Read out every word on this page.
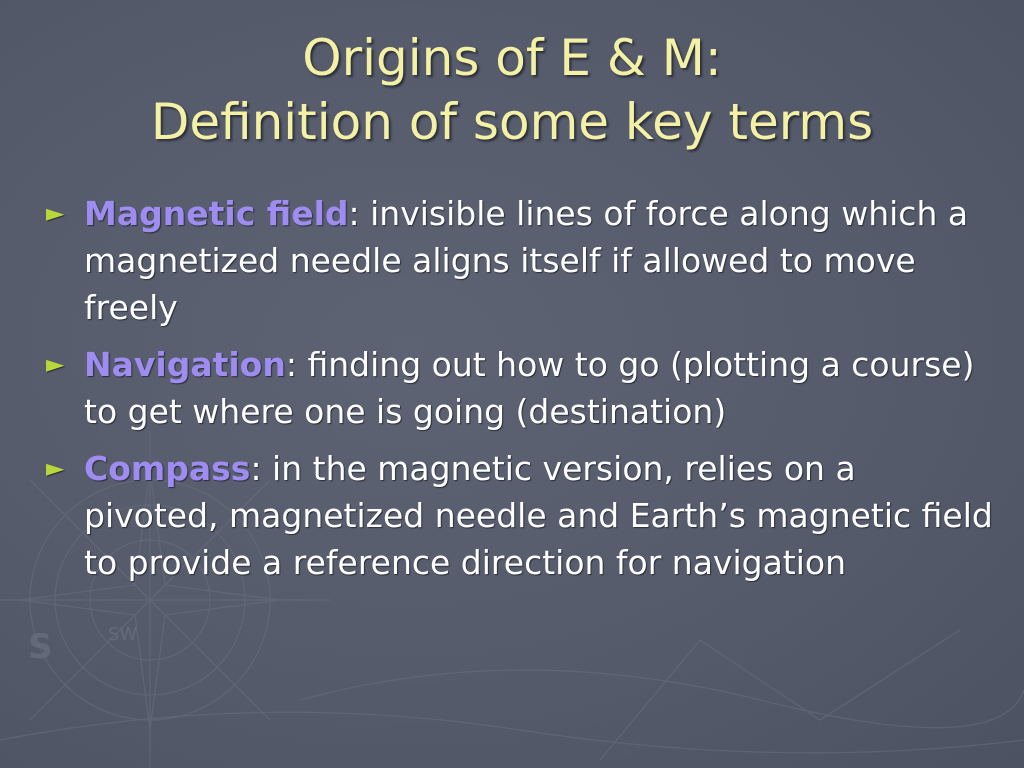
S	SW
Origins of E & M:
Definition of some key terms
► Magnetic field: invisible lines of force along which a magnetized needle aligns itself if allowed to move freely
► Navigation: finding out how to go (plotting a course) to get where one is going (destination)
► Compass: in the magnetic version, relies on a pivoted, magnetized needle and Earth’s magnetic field to provide a reference direction for navigation
